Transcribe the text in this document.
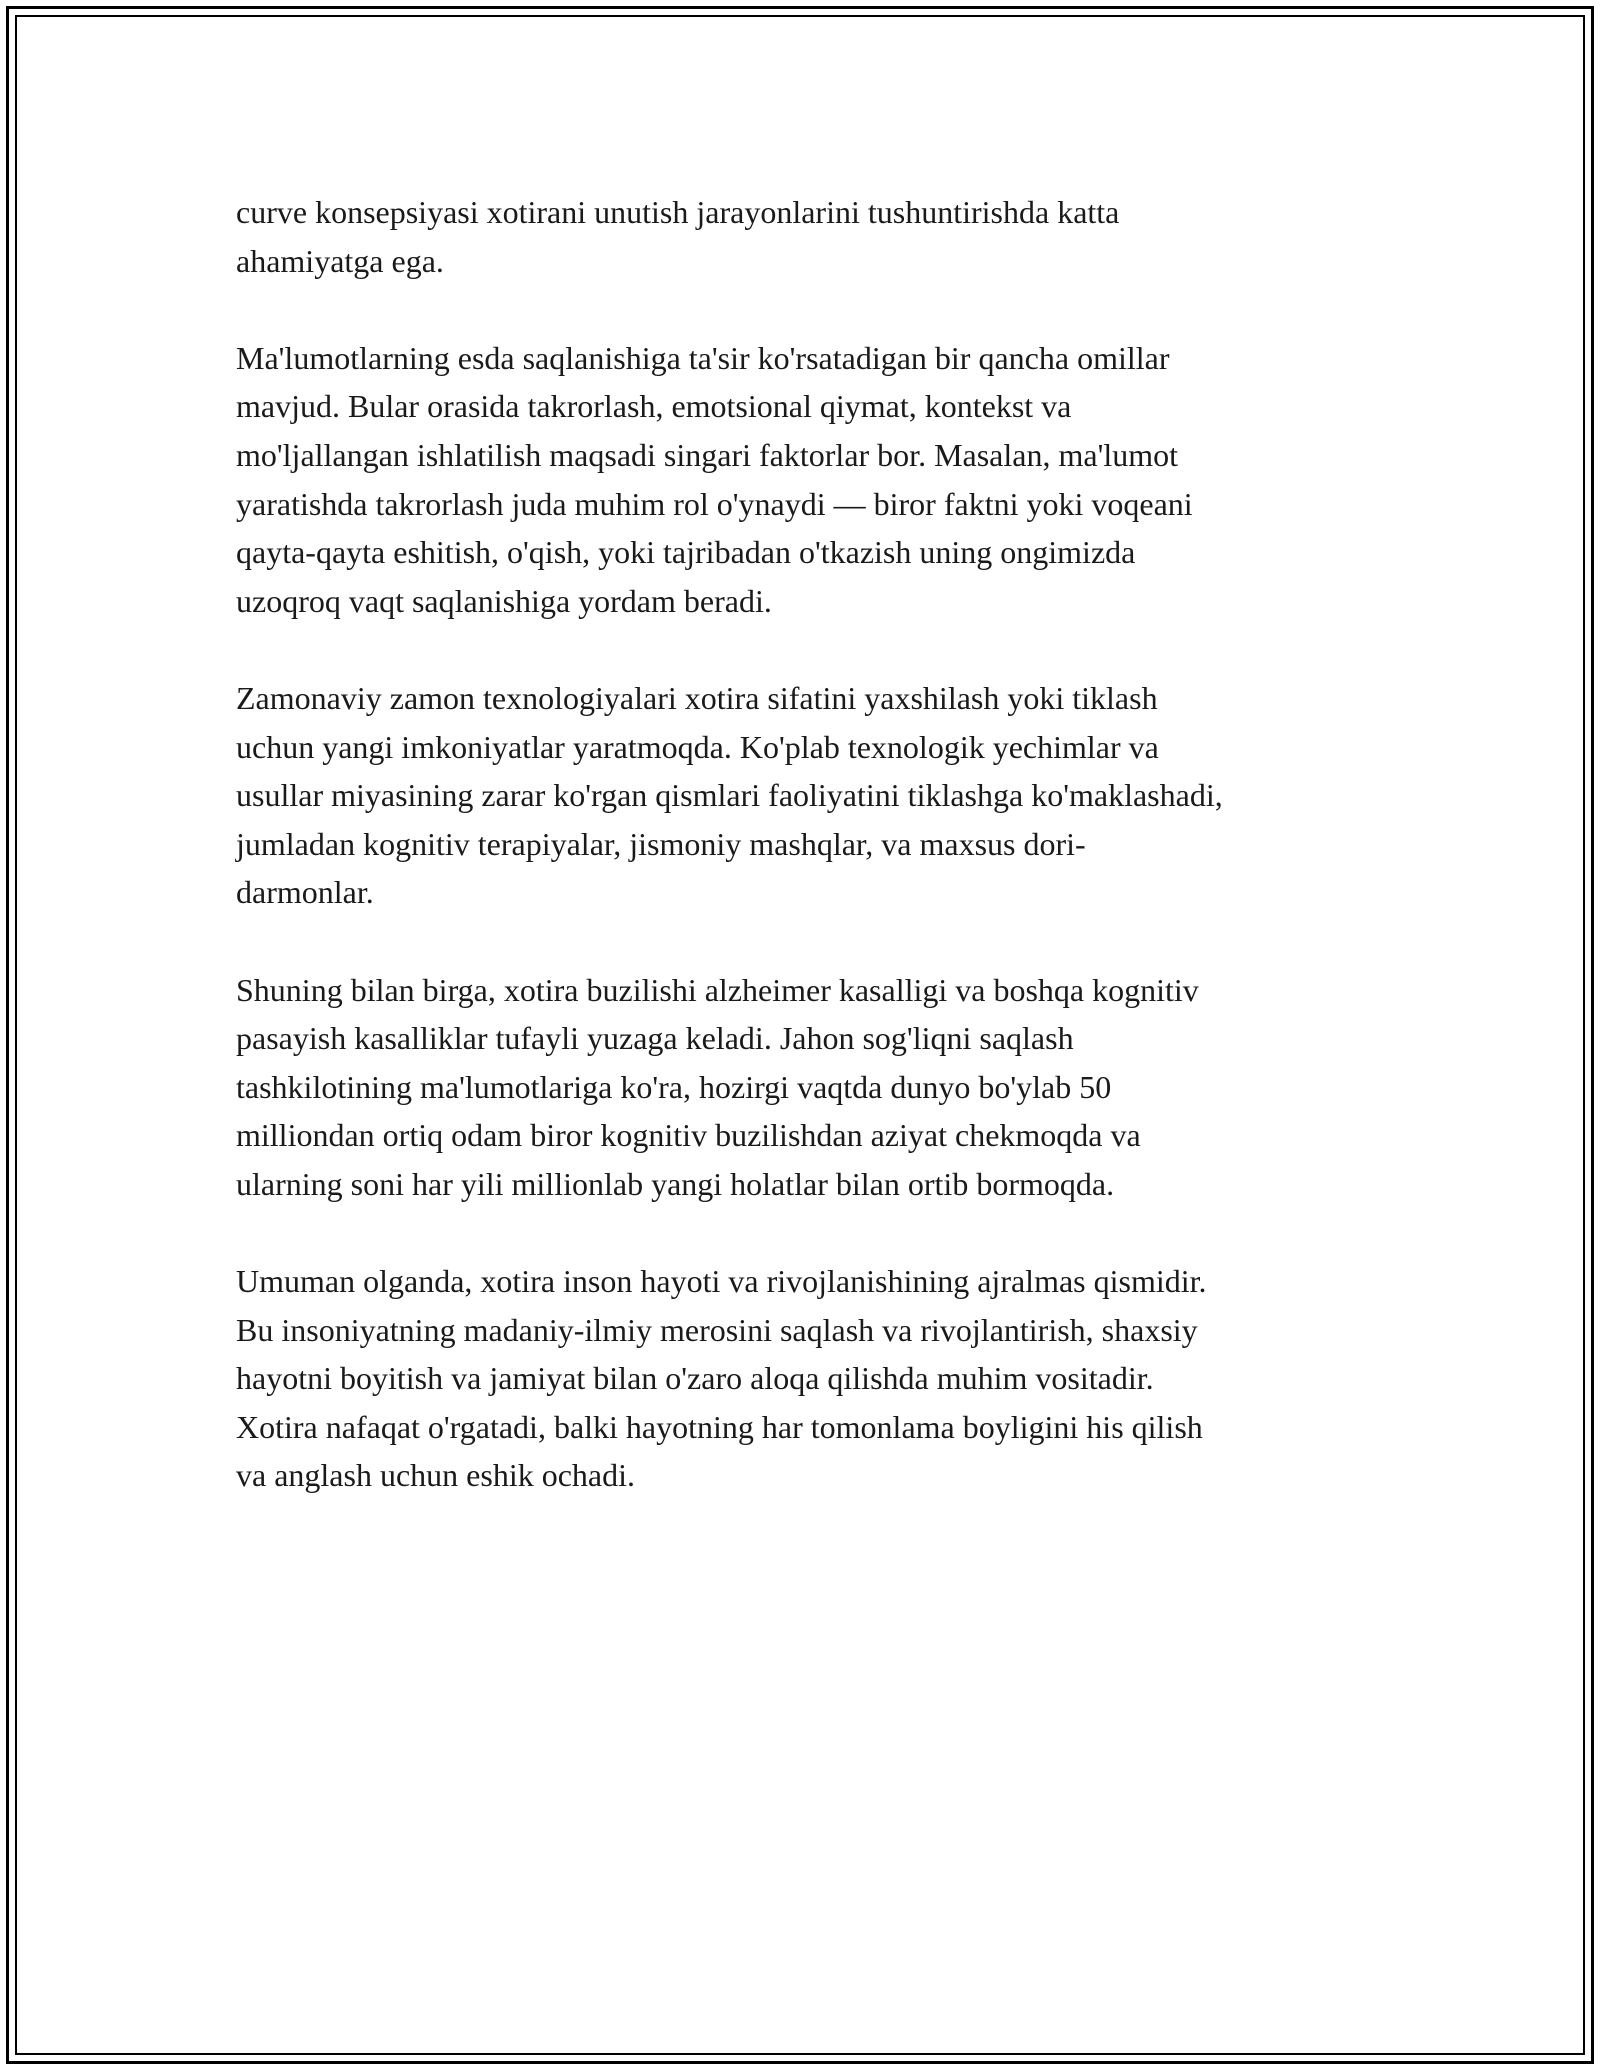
curve konsepsiyasi xotirani unutish jarayonlarini tushuntirishda katta
ahamiyatga ega.

Ma'lumotlarning esda saqlanishiga ta'sir ko'rsatadigan bir qancha omillar
mavjud. Bular orasida takrorlash, emotsional qiymat, kontekst va
mo'ljallangan ishlatilish maqsadi singari faktorlar bor. Masalan, ma'lumot
yaratishda takrorlash juda muhim rol o'ynaydi — biror faktni yoki voqeani
qayta-qayta eshitish, o'qish, yoki tajribadan o'tkazish uning ongimizda
uzoqroq vaqt saqlanishiga yordam beradi.

Zamonaviy zamon texnologiyalari xotira sifatini yaxshilash yoki tiklash
uchun yangi imkoniyatlar yaratmoqda. Ko'plab texnologik yechimlar va
usullar miyasining zarar ko'rgan qismlari faoliyatini tiklashga ko'maklashadi,
jumladan kognitiv terapiyalar, jismoniy mashqlar, va maxsus dori-
darmonlar.

Shuning bilan birga, xotira buzilishi alzheimer kasalligi va boshqa kognitiv
pasayish kasalliklar tufayli yuzaga keladi. Jahon sog'liqni saqlash
tashkilotining ma'lumotlariga ko'ra, hozirgi vaqtda dunyo bo'ylab 50
milliondan ortiq odam biror kognitiv buzilishdan aziyat chekmoqda va
ularning soni har yili millionlab yangi holatlar bilan ortib bormoqda.

Umuman olganda, xotira inson hayoti va rivojlanishining ajralmas qismidir.
Bu insoniyatning madaniy-ilmiy merosini saqlash va rivojlantirish, shaxsiy
hayotni boyitish va jamiyat bilan o'zaro aloqa qilishda muhim vositadir.
Xotira nafaqat o'rgatadi, balki hayotning har tomonlama boyligini his qilish
va anglash uchun eshik ochadi.
